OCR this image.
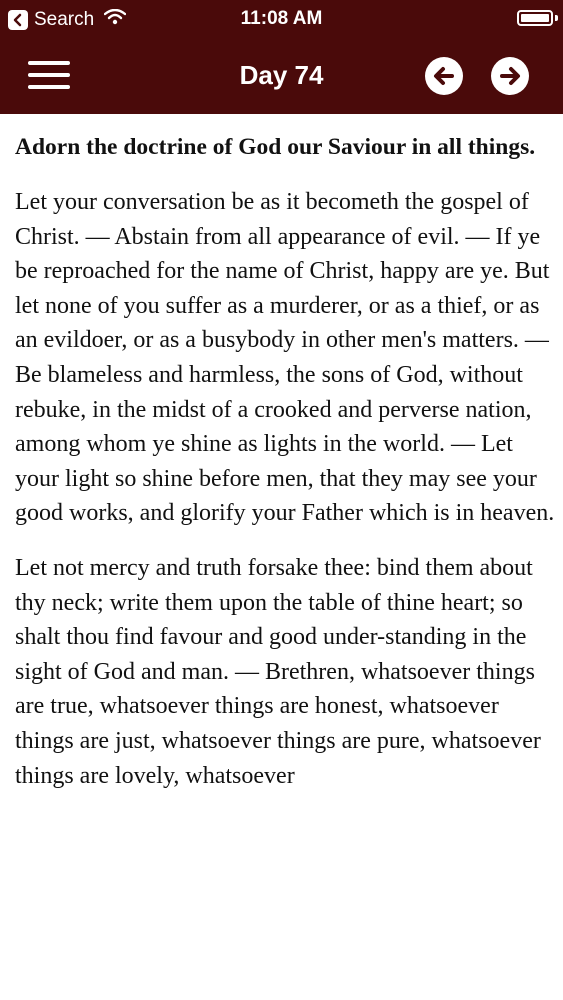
Search	11:08 AM
Day 74
Adorn the doctrine of God our Saviour in all things.

Let your conversation be as it becometh the gospel of Christ. — Abstain from all appearance of evil. — If ye be reproached for the name of Christ, happy are ye. But let none of you suffer as a murderer, or as a thief, or as an evildoer, or as a busybody in other men's matters. — Be blameless and harmless, the sons of God, without rebuke, in the midst of a crooked and perverse nation, among whom ye shine as lights in the world. — Let your light so shine before men, that they may see your good works, and glorify your Father which is in heaven.

Let not mercy and truth forsake thee: bind them about thy neck; write them upon the table of thine heart; so shalt thou find favour and good under-standing in the sight of God and man. — Brethren, whatsoever things are true, whatsoever things are honest, whatsoever things are just, whatsoever things are pure, whatsoever things are lovely, whatsoever
